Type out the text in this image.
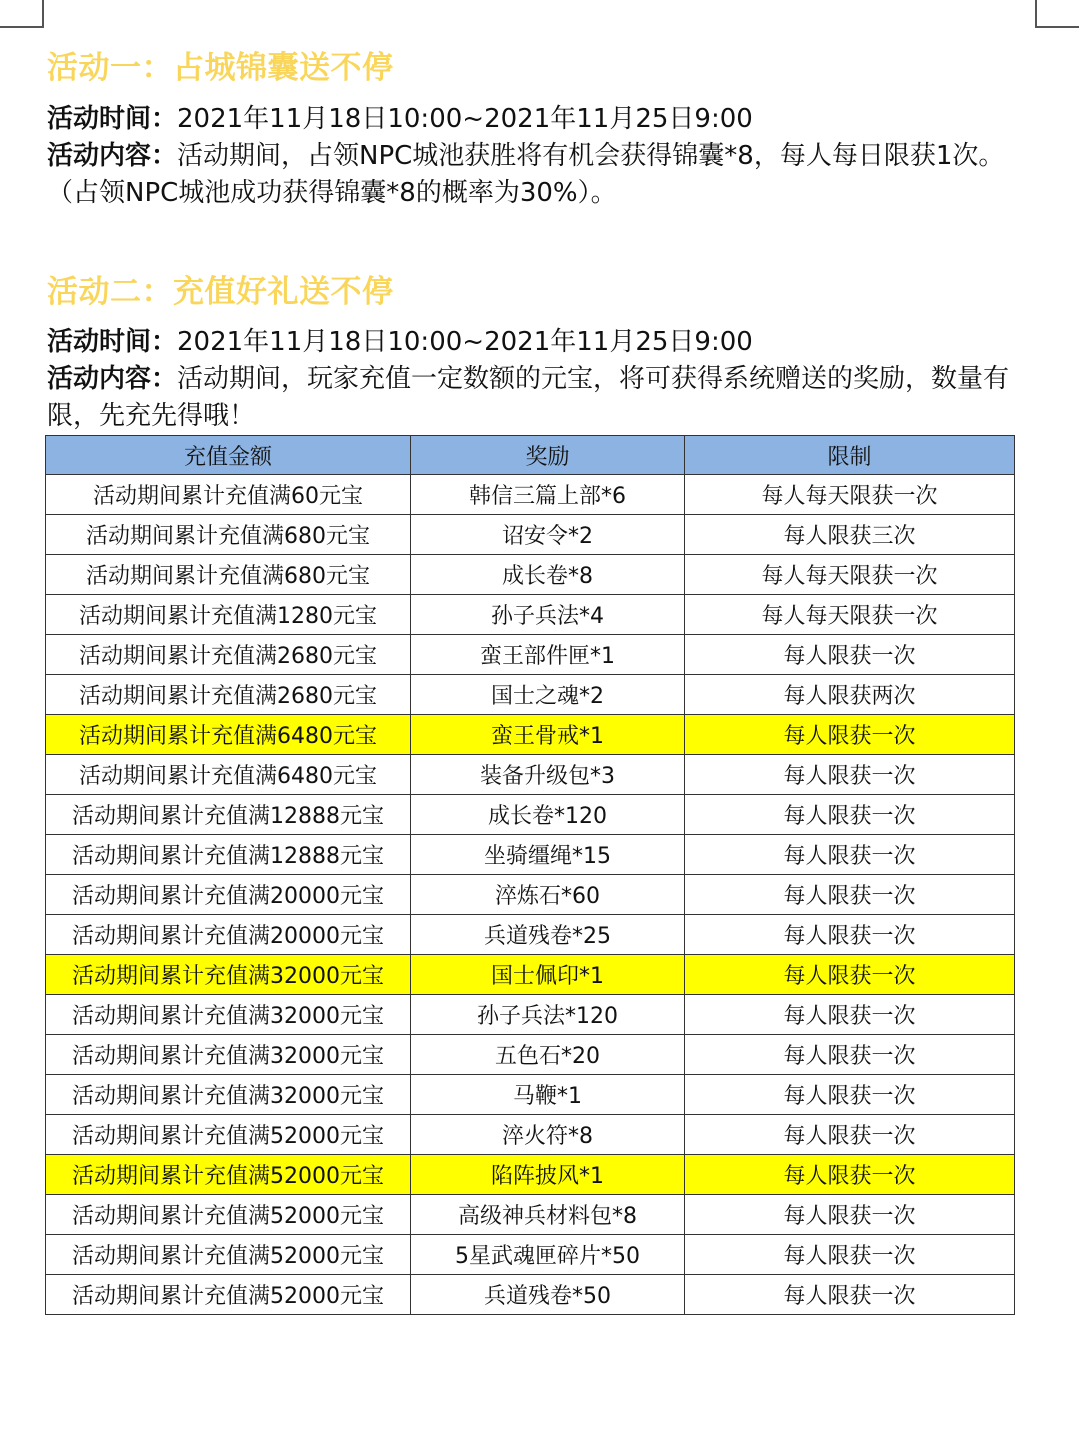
活动一：占城锦囊送不停
活动时间：2021年11月18日10:00~2021年11月25日9:00
活动内容：活动期间，占领NPC城池获胜将有机会获得锦囊*8，每人每日限获1次。（占领NPC城池成功获得锦囊*8的概率为30%）。
活动二：充值好礼送不停
活动时间：2021年11月18日10:00~2021年11月25日9:00
活动内容：活动期间，玩家充值一定数额的元宝，将可获得系统赠送的奖励，数量有限，先充先得哦！
充值金额	奖励	限制
活动期间累计充值满60元宝	韩信三篇上部*6	每人每天限获一次
活动期间累计充值满680元宝	诏安令*2	每人限获三次
活动期间累计充值满680元宝	成长卷*8	每人每天限获一次
活动期间累计充值满1280元宝	孙子兵法*4	每人每天限获一次
活动期间累计充值满2680元宝	蛮王部件匣*1	每人限获一次
活动期间累计充值满2680元宝	国士之魂*2	每人限获两次
活动期间累计充值满6480元宝	蛮王骨戒*1	每人限获一次
活动期间累计充值满6480元宝	装备升级包*3	每人限获一次
活动期间累计充值满12888元宝	成长卷*120	每人限获一次
活动期间累计充值满12888元宝	坐骑缰绳*15	每人限获一次
活动期间累计充值满20000元宝	淬炼石*60	每人限获一次
活动期间累计充值满20000元宝	兵道残卷*25	每人限获一次
活动期间累计充值满32000元宝	国士佩印*1	每人限获一次
活动期间累计充值满32000元宝	孙子兵法*120	每人限获一次
活动期间累计充值满32000元宝	五色石*20	每人限获一次
活动期间累计充值满32000元宝	马鞭*1	每人限获一次
活动期间累计充值满52000元宝	淬火符*8	每人限获一次
活动期间累计充值满52000元宝	陷阵披风*1	每人限获一次
活动期间累计充值满52000元宝	高级神兵材料包*8	每人限获一次
活动期间累计充值满52000元宝	5星武魂匣碎片*50	每人限获一次
活动期间累计充值满52000元宝	兵道残卷*50	每人限获一次
